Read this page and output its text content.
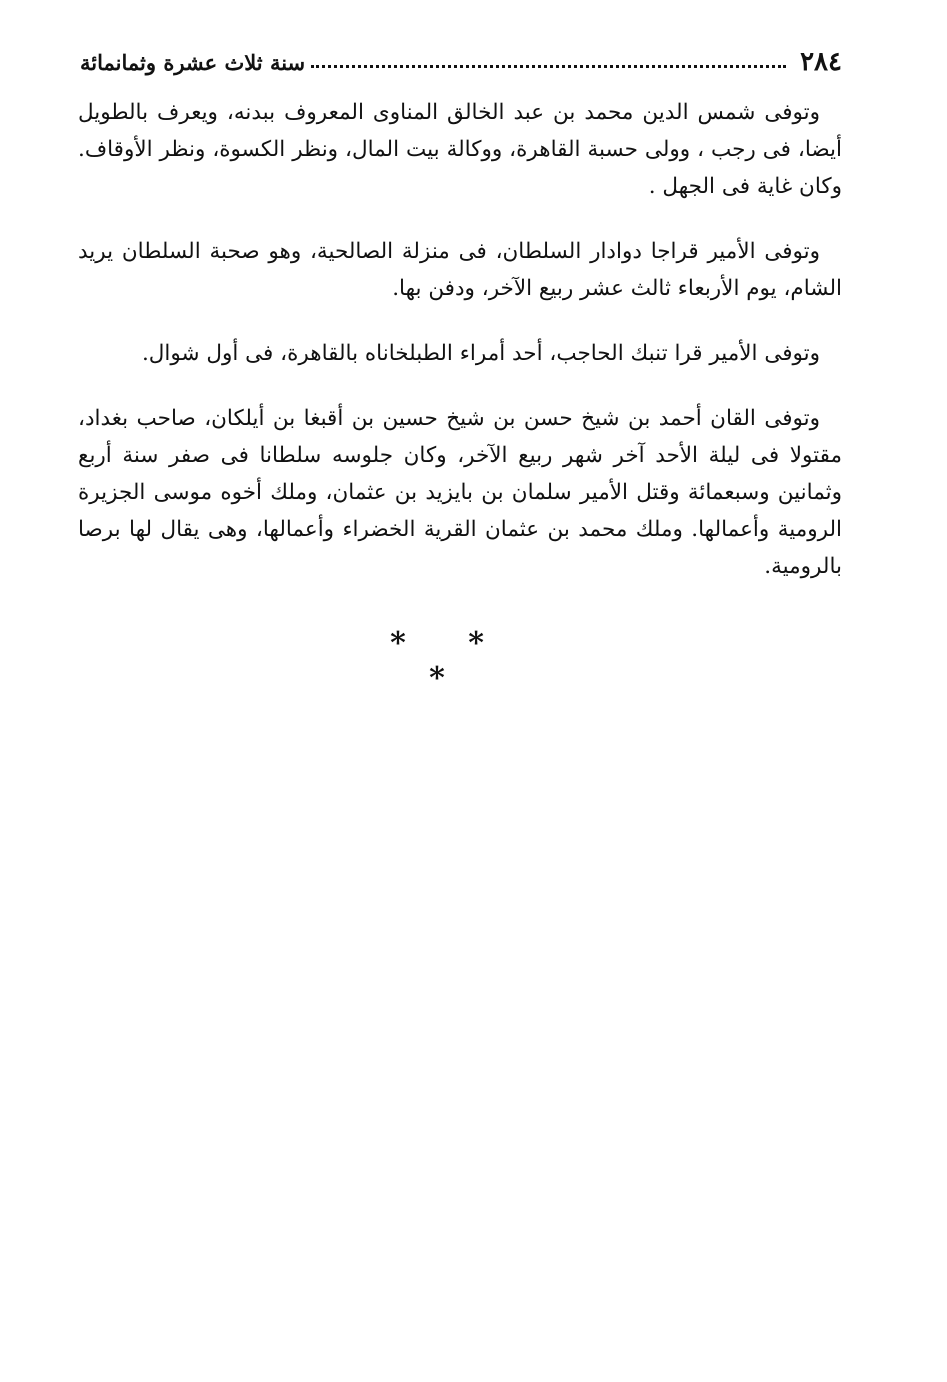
٢٨٤
سنة ثلاث عشرة وثمانمائة

وتوفى شمس الدين محمد بن عبد الخالق المناوى المعروف ببدنه، ويعرف بالطويل أيضا، فى رجب ، وولى حسبة القاهرة، ووكالة بيت المال، ونظر الكسوة، ونظر الأوقاف. وكان غاية فى الجهل .

وتوفى الأمير قراجا دوادار السلطان، فى منزلة الصالحية، وهو صحبة السلطان يريد الشام، يوم الأربعاء ثالث عشر ربيع الآخر، ودفن بها.

وتوفى الأمير قرا تنبك الحاجب، أحد أمراء الطبلخاناه بالقاهرة، فى أول شوال.

وتوفى القان أحمد بن شيخ حسن بن شيخ حسين بن أقبغا بن أيلكان، صاحب بغداد، مقتولا فى ليلة الأحد آخر شهر ربيع الآخر، وكان جلوسه سلطانا فى صفر سنة أربع وثمانين وسبعمائة وقتل الأمير سلمان بن بايزيد بن عثمان، وملك أخوه موسى الجزيرة الرومية وأعمالها. وملك محمد بن عثمان القرية الخضراء وأعمالها، وهى يقال لها برصا بالرومية.

* * *
